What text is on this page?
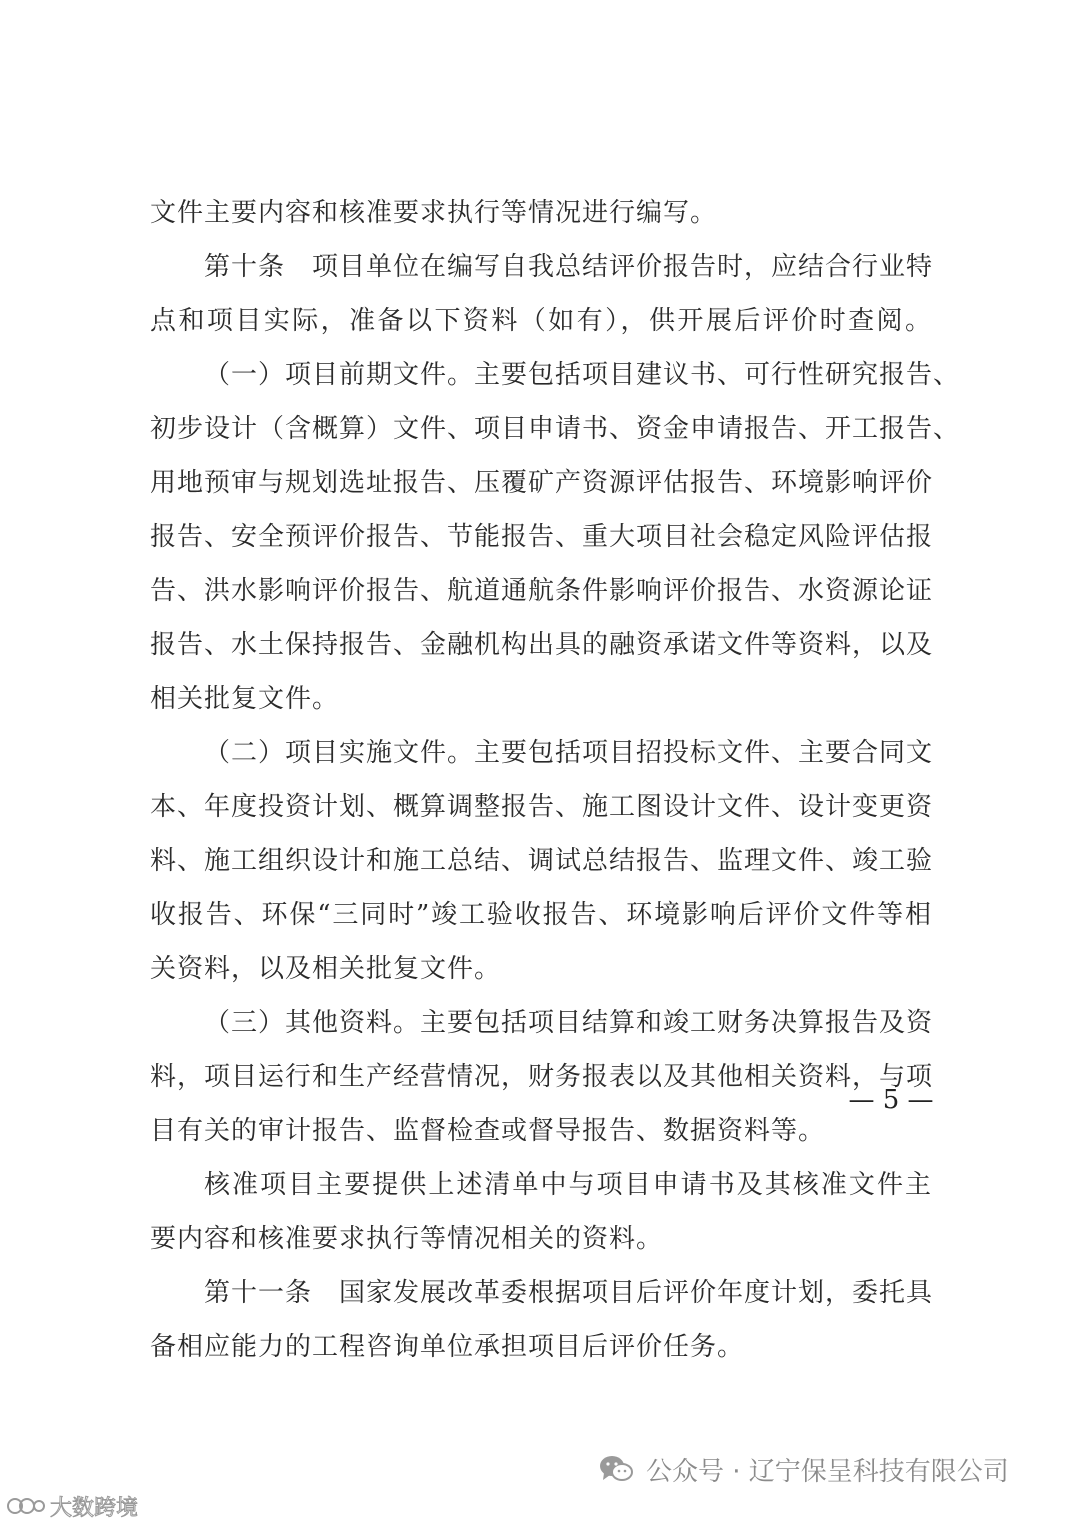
文件主要内容和核准要求执行等情况进行编写。
第十条　项目单位在编写自我总结评价报告时，应结合行业特
点和项目实际，准备以下资料（如有），供开展后评价时查阅。
（一）项目前期文件。主要包括项目建议书、可行性研究报告、
初步设计（含概算）文件、项目申请书、资金申请报告、开工报告、
用地预审与规划选址报告、压覆矿产资源评估报告、环境影响评价
报告、安全预评价报告、节能报告、重大项目社会稳定风险评估报
告、洪水影响评价报告、航道通航条件影响评价报告、水资源论证
报告、水土保持报告、金融机构出具的融资承诺文件等资料，以及
相关批复文件。
（二）项目实施文件。主要包括项目招投标文件、主要合同文
本、年度投资计划、概算调整报告、施工图设计文件、设计变更资
料、施工组织设计和施工总结、调试总结报告、监理文件、竣工验
收报告、环保“三同时”竣工验收报告、环境影响后评价文件等相
关资料，以及相关批复文件。
（三）其他资料。主要包括项目结算和竣工财务决算报告及资
料，项目运行和生产经营情况，财务报表以及其他相关资料，与项
目有关的审计报告、监督检查或督导报告、数据资料等。
核准项目主要提供上述清单中与项目申请书及其核准文件主
要内容和核准要求执行等情况相关的资料。
第十一条　国家发展改革委根据项目后评价年度计划，委托具
备相应能力的工程咨询单位承担项目后评价任务。
— 5 —
公众号 · 辽宁保呈科技有限公司
大数跨境
